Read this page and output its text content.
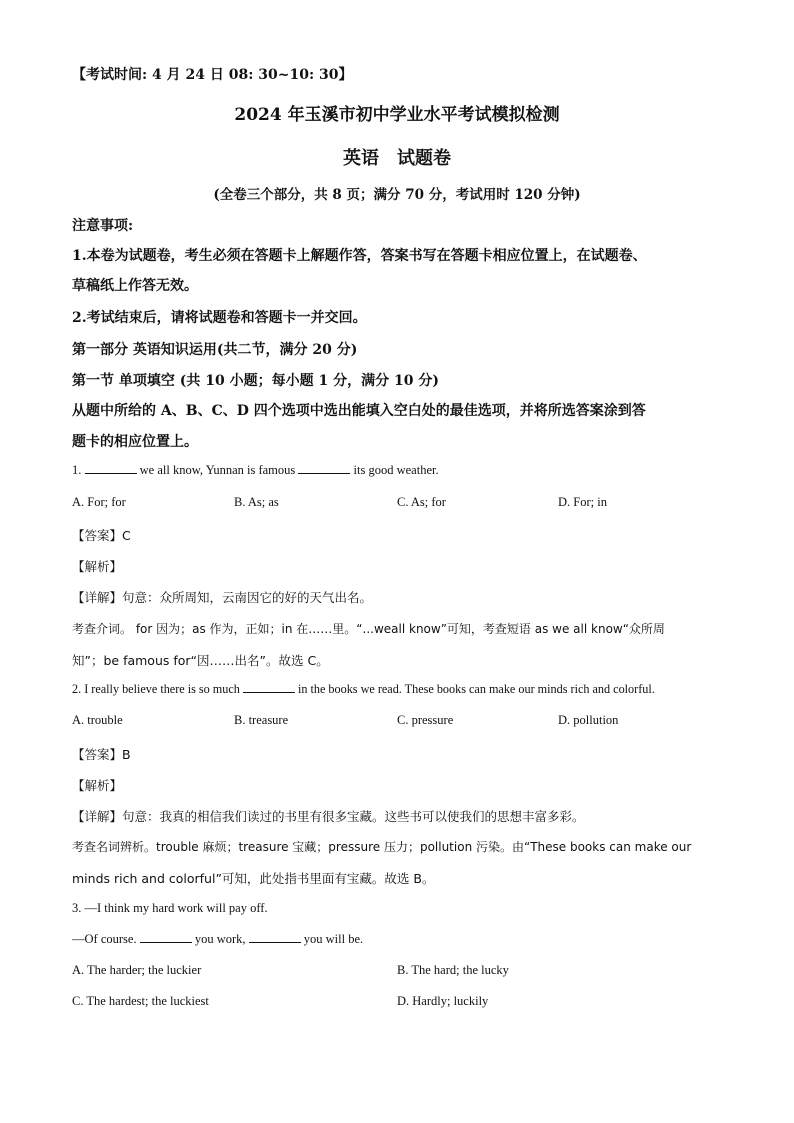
【考试时间: 4 月 24 日 08: 30~10: 30】
2024 年玉溪市初中学业水平考试模拟检测
英语　试题卷
(全卷三个部分，共 8 页；满分 70 分，考试用时 120 分钟)
注意事项:
1.本卷为试题卷，考生必须在答题卡上解题作答，答案书写在答题卡相应位置上，在试题卷、
草稿纸上作答无效。
2.考试结束后，请将试题卷和答题卡一并交回。
第一部分 英语知识运用(共二节，满分 20 分)
第一节 单项填空 (共 10 小题；每小题 1 分，满分 10 分)
从题中所给的 A、B、C、D 四个选项中选出能填入空白处的最佳选项，并将所选答案涂到答
题卡的相应位置上。
1.	we all know, Yunnan is famous	its good weather.
A. For; for	B. As; as	C. As; for	D. For; in
【答案】C
【解析】
【详解】句意：众所周知，云南因它的好的天气出名。
考查介词。 for 因为；as 作为，正如；in 在……里。“...weall know”可知，考查短语 as we all know“众所周
知”；be famous for“因……出名”。故选 C。
2. I really believe there is so much	in the books we read. These books can make our minds rich and colorful.
A. trouble	B. treasure	C. pressure	D. pollution
【答案】B
【解析】
【详解】句意：我真的相信我们读过的书里有很多宝藏。这些书可以使我们的思想丰富多彩。
考查名词辨析。trouble 麻烦；treasure 宝藏；pressure 压力；pollution 污染。由“These books can make our
minds rich and colorful”可知，此处指书里面有宝藏。故选 B。
3. —I think my hard work will pay off.
—Of course.	you work,	you will be.
A. The harder; the luckier	B. The hard; the lucky
C. The hardest; the luckiest	D. Hardly; luckily
